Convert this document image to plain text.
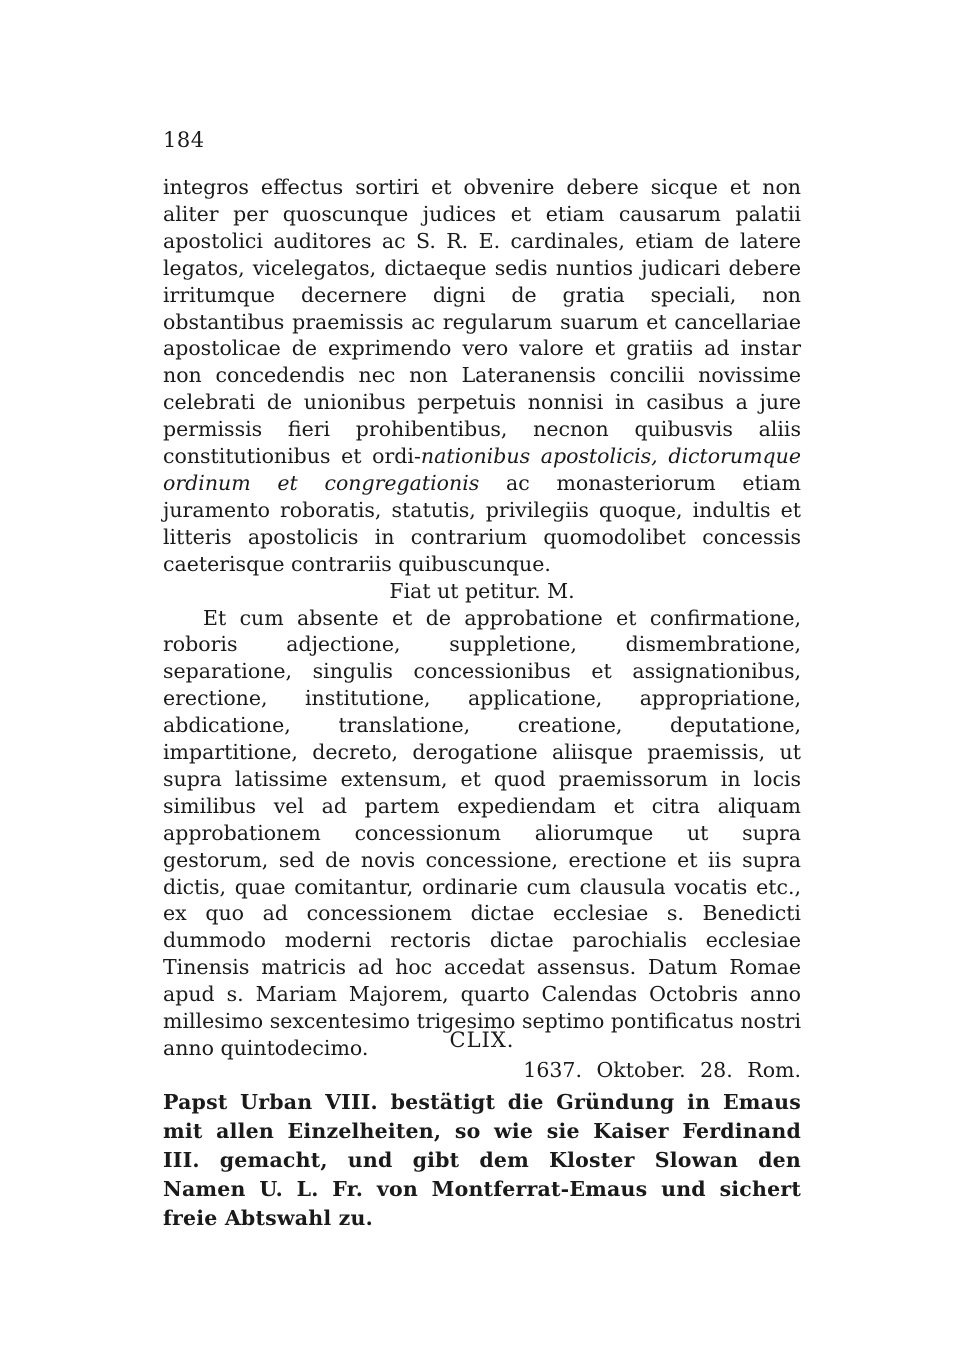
184

integros effectus sortiri et obvenire debere sicque et non aliter per quoscunque judices et etiam causarum palatii apostolici auditores ac S. R. E. cardinales, etiam de latere legatos, vicelegatos, dictaeque sedis nuntios judicari debere irritumque decernere digni de gratia speciali, non obstantibus praemissis ac regularum suarum et cancellariae apostolicae de exprimendo vero valore et gratiis ad instar non concedendis nec non Lateranensis concilii novissime celebrati de unionibus perpetuis nonnisi in casibus a jure permissis fieri prohibentibus, necnon quibusvis aliis constitutionibus et ordi-nationibus apostolicis, dictorumque ordinum et congregationis ac monasteriorum etiam juramento roboratis, statutis, privilegiis quoque, indultis et litteris apostolicis in contrarium quomodolibet concessis caeterisque contrariis quibuscunque.

Fiat ut petitur. M.

Et cum absente et de approbatione et confirmatione, roboris adjectione, suppletione, dismembratione, separatione, singulis concessionibus et assignationibus, erectione, institutione, applicatione, appropriatione, abdicatione, translatione, creatione, deputatione, impartitione, decreto, derogatione aliisque praemissis, ut supra latissime extensum, et quod praemissorum in locis similibus vel ad partem expediendam et citra aliquam approbationem concessionum aliorumque ut supra gestorum, sed de novis concessione, erectione et iis supra dictis, quae comitantur, ordinarie cum clausula vocatis etc., ex quo ad concessionem dictae ecclesiae s. Benedicti dummodo moderni rectoris dictae parochialis ecclesiae Tinensis matricis ad hoc accedat assensus. Datum Romae apud s. Mariam Majorem, quarto Calendas Octobris anno millesimo sexcentesimo trigesimo septimo pontificatus nostri anno quintodecimo.	CLIX.
1637. Oktober. 28. Rom.
Papst Urban VIII. bestätigt die Gründung in Emaus mit allen Einzelheiten, so wie sie Kaiser Ferdinand III. gemacht, und gibt dem Kloster Slowan den Namen U. L. Fr. von Montferrat-Emaus und sichert freie Abtswahl zu.
